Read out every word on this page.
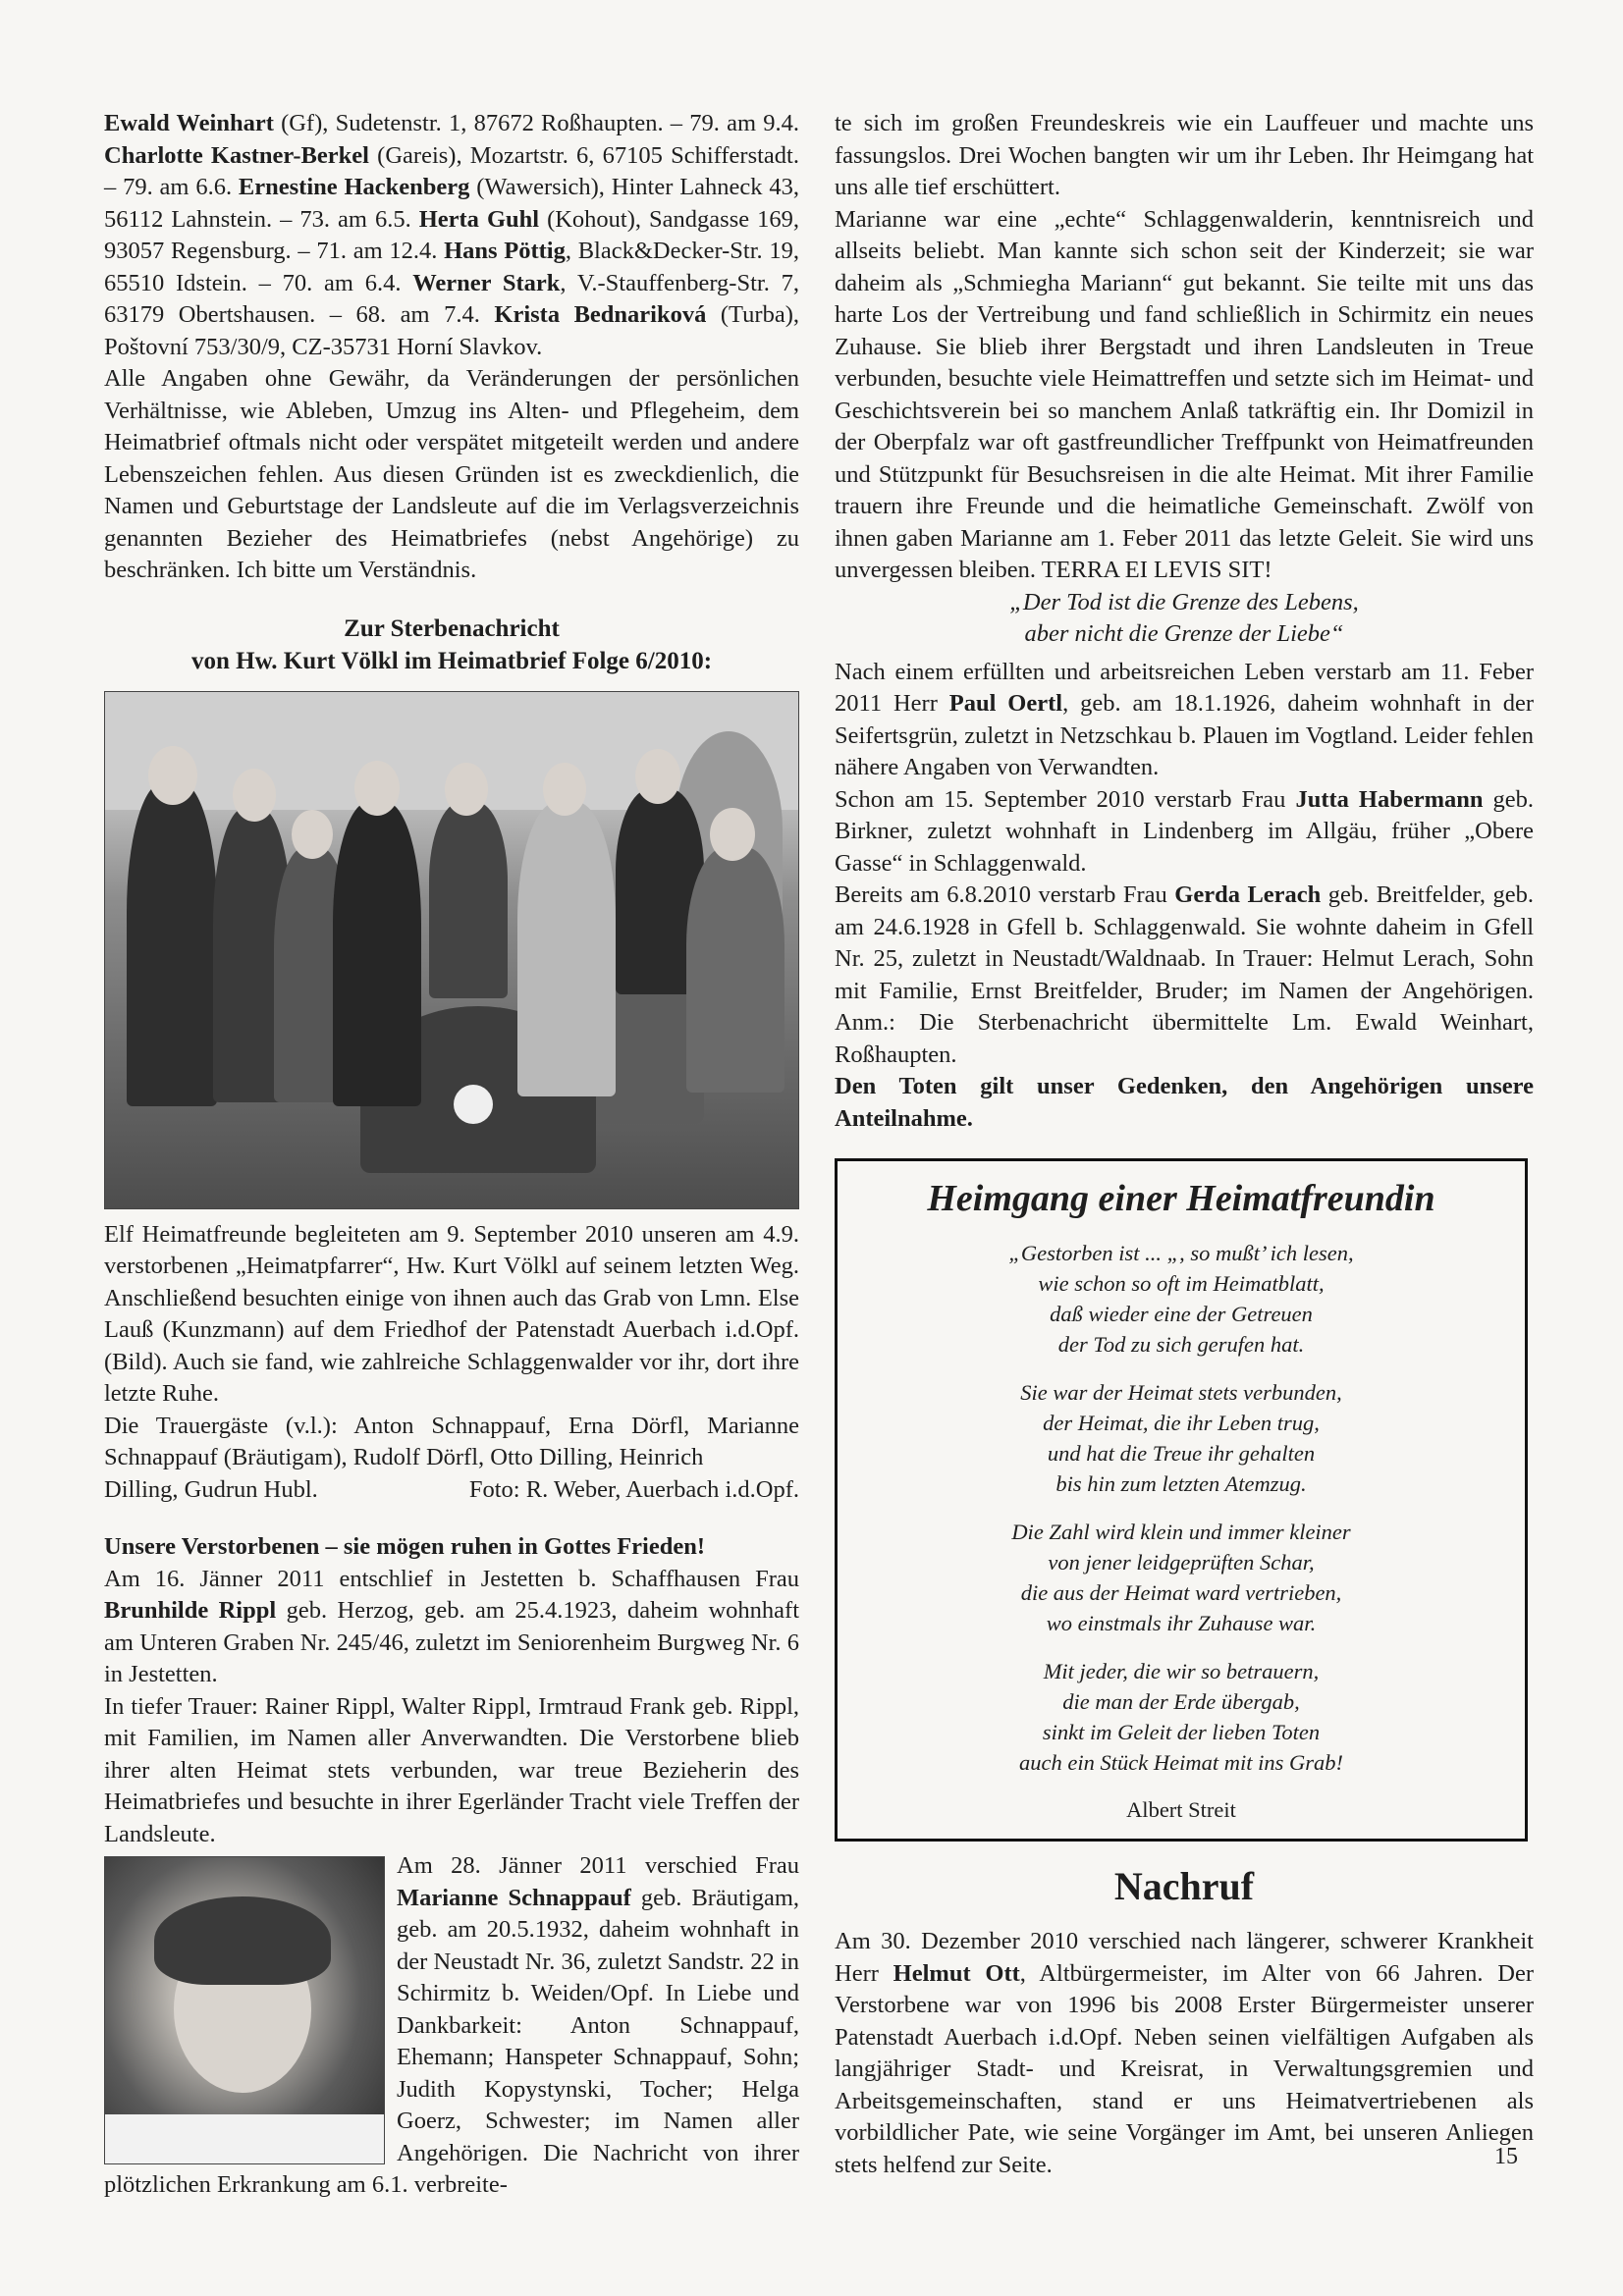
Ewald Weinhart (Gf), Sudetenstr. 1, 87672 Roßhaupten. – 79. am 9.4. Charlotte Kastner-Berkel (Gareis), Mozartstr. 6, 67105 Schifferstadt. – 79. am 6.6. Ernestine Hackenberg (Wawersich), Hinter Lahneck 43, 56112 Lahnstein. – 73. am 6.5. Herta Guhl (Kohout), Sandgasse 169, 93057 Regensburg. – 71. am 12.4. Hans Pöttig, Black&Decker-Str. 19, 65510 Idstein. – 70. am 6.4. Werner Stark, V.-Stauffenberg-Str. 7, 63179 Obertshausen. – 68. am 7.4. Krista Bednariková (Turba), Poštovní 753/30/9, CZ-35731 Horní Slavkov.

Alle Angaben ohne Gewähr, da Veränderungen der persönlichen Verhältnisse, wie Ableben, Umzug ins Alten- und Pflegeheim, dem Heimatbrief oftmals nicht oder verspätet mitgeteilt werden und andere Lebenszeichen fehlen. Aus diesen Gründen ist es zweckdienlich, die Namen und Geburtstage der Landsleute auf die im Verlagsverzeichnis genannten Bezieher des Heimatbriefes (nebst Angehörige) zu beschränken. Ich bitte um Verständnis.

Zur Sterbenachricht
von Hw. Kurt Völkl im Heimatbrief Folge 6/2010:

Elf Heimatfreunde begleiteten am 9. September 2010 unseren am 4.9. verstorbenen „Heimatpfarrer“, Hw. Kurt Völkl auf seinem letzten Weg. Anschließend besuchten einige von ihnen auch das Grab von Lmn. Else Lauß (Kunzmann) auf dem Friedhof der Patenstadt Auerbach i.d.Opf. (Bild). Auch sie fand, wie zahlreiche Schlaggenwalder vor ihr, dort ihre letzte Ruhe.

Die Trauergäste (v.l.): Anton Schnappauf, Erna Dörfl, Marianne Schnappauf (Bräutigam), Rudolf Dörfl, Otto Dilling, Heinrich

Dilling, Gudrun Hubl.	Foto: R. Weber, Auerbach i.d.Opf.

Unsere Verstorbenen – sie mögen ruhen in Gottes Frieden!

Am 16. Jänner 2011 entschlief in Jestetten b. Schaffhausen Frau Brunhilde Rippl geb. Herzog, geb. am 25.4.1923, daheim wohnhaft am Unteren Graben Nr. 245/46, zuletzt im Seniorenheim Burgweg Nr. 6 in Jestetten.

In tiefer Trauer: Rainer Rippl, Walter Rippl, Irmtraud Frank geb. Rippl, mit Familien, im Namen aller Anverwandten. Die Verstorbene blieb ihrer alten Heimat stets verbunden, war treue Bezieherin des Heimatbriefes und besuchte in ihrer Egerländer Tracht viele Treffen der Landsleute.

Am 28. Jänner 2011 verschied Frau Marianne Schnappauf geb. Bräutigam, geb. am 20.5.1932, daheim wohnhaft in der Neustadt Nr. 36, zuletzt Sandstr. 22 in Schirmitz b. Weiden/Opf. In Liebe und Dankbarkeit: Anton Schnappauf, Ehemann; Hanspeter Schnappauf, Sohn; Judith Kopystynski, Tocher; Helga Goerz, Schwester; im Namen aller Angehörigen. Die Nachricht von ihrer plötzlichen Erkrankung am 6.1. verbreite-

te sich im großen Freundeskreis wie ein Lauffeuer und machte uns fassungslos. Drei Wochen bangten wir um ihr Leben. Ihr Heimgang hat uns alle tief erschüttert.

Marianne war eine „echte“ Schlaggenwalderin, kenntnisreich und allseits beliebt. Man kannte sich schon seit der Kinderzeit; sie war daheim als „Schmiegha Mariann“ gut bekannt. Sie teilte mit uns das harte Los der Vertreibung und fand schließlich in Schirmitz ein neues Zuhause. Sie blieb ihrer Bergstadt und ihren Landsleuten in Treue verbunden, besuchte viele Heimattreffen und setzte sich im Heimat- und Geschichtsverein bei so manchem Anlaß tatkräftig ein. Ihr Domizil in der Oberpfalz war oft gastfreundlicher Treffpunkt von Heimatfreunden und Stützpunkt für Besuchsreisen in die alte Heimat. Mit ihrer Familie trauern ihre Freunde und die heimatliche Gemeinschaft. Zwölf von ihnen gaben Marianne am 1. Feber 2011 das letzte Geleit. Sie wird uns unvergessen bleiben. TERRA EI LEVIS SIT!

„Der Tod ist die Grenze des Lebens,

aber nicht die Grenze der Liebe“

Nach einem erfüllten und arbeitsreichen Leben verstarb am 11. Feber 2011 Herr Paul Oertl, geb. am 18.1.1926, daheim wohnhaft in der Seifertsgrün, zuletzt in Netzschkau b. Plauen im Vogtland. Leider fehlen nähere Angaben von Verwandten.

Schon am 15. September 2010 verstarb Frau Jutta Habermann geb. Birkner, zuletzt wohnhaft in Lindenberg im Allgäu, früher „Obere Gasse“ in Schlaggenwald.

Bereits am 6.8.2010 verstarb Frau Gerda Lerach geb. Breitfelder, geb. am 24.6.1928 in Gfell b. Schlaggenwald. Sie wohnte daheim in Gfell Nr. 25, zuletzt in Neustadt/Waldnaab. In Trauer: Helmut Lerach, Sohn mit Familie, Ernst Breitfelder, Bruder; im Namen der Angehörigen. Anm.: Die Sterbenachricht übermittelte Lm. Ewald Weinhart, Roßhaupten.

Den Toten gilt unser Gedenken, den Angehörigen unsere Anteilnahme.

Heimgang einer Heimatfreundin
„Gestorben ist ... „, so mußt’ ich lesen,
wie schon so oft im Heimatblatt,
daß wieder eine der Getreuen
der Tod zu sich gerufen hat.
Sie war der Heimat stets verbunden,
der Heimat, die ihr Leben trug,
und hat die Treue ihr gehalten
bis hin zum letzten Atemzug.
Die Zahl wird klein und immer kleiner
von jener leidgeprüften Schar,
die aus der Heimat ward vertrieben,
wo einstmals ihr Zuhause war.
Mit jeder, die wir so betrauern,
die man der Erde übergab,
sinkt im Geleit der lieben Toten
auch ein Stück Heimat mit ins Grab!
Albert Streit
Nachruf

Am 30. Dezember 2010 verschied nach längerer, schwerer Krankheit Herr Helmut Ott, Altbürgermeister, im Alter von 66 Jahren. Der Verstorbene war von 1996 bis 2008 Erster Bürgermeister unserer Patenstadt Auerbach i.d.Opf. Neben seinen vielfältigen Aufgaben als langjähriger Stadt- und Kreisrat, in Verwaltungsgremien und Arbeitsgemeinschaften, stand er uns Heimatvertriebenen als vorbildlicher Pate, wie seine Vorgänger im Amt, bei unseren Anliegen stets helfend zur Seite.	15
